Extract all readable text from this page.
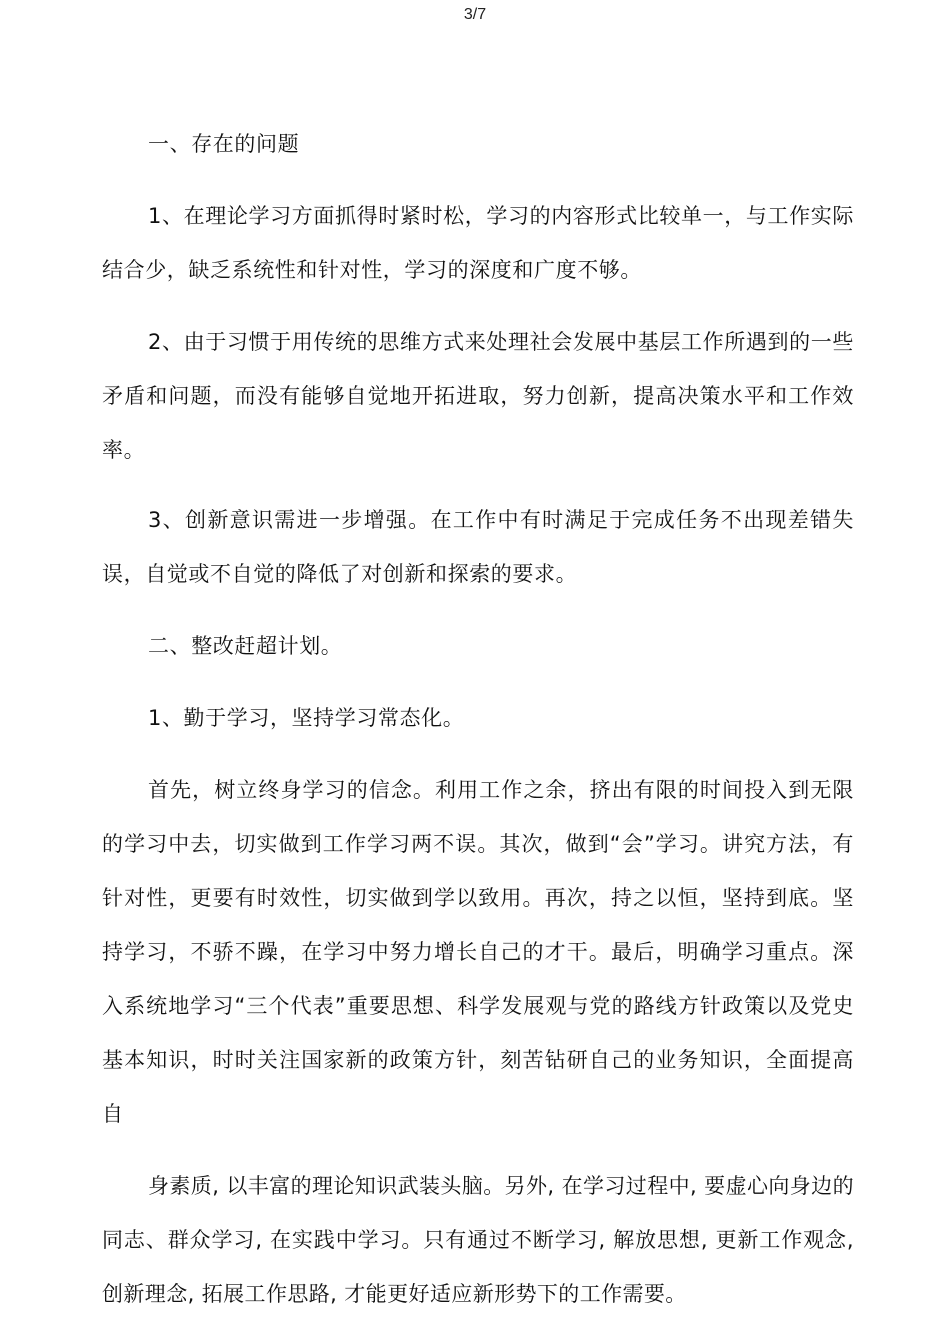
3/7

一、存在的问题

1、在理论学习方面抓得时紧时松，学习的内容形式比较单一，与工作实际结合少，缺乏系统性和针对性，学习的深度和广度不够。

2、由于习惯于用传统的思维方式来处理社会发展中基层工作所遇到的一些矛盾和问题，而没有能够自觉地开拓进取，努力创新，提高决策水平和工作效率。

3、创新意识需进一步增强。在工作中有时满足于完成任务不出现差错失误，自觉或不自觉的降低了对创新和探索的要求。

二、整改赶超计划。

1、勤于学习，坚持学习常态化。

首先，树立终身学习的信念。利用工作之余，挤出有限的时间投入到无限的学习中去，切实做到工作学习两不误。其次，做到“会”学习。讲究方法，有针对性，更要有时效性，切实做到学以致用。再次，持之以恒，坚持到底。坚持学习，不骄不躁，在学习中努力增长自己的才干。最后，明确学习重点。深入系统地学习“三个代表”重要思想、科学发展观与党的路线方针政策以及党史基本知识，时时关注国家新的政策方针，刻苦钻研自己的业务知识，全面提高自

身素质, 以丰富的理论知识武装头脑。另外, 在学习过程中, 要虚心向身边的同志、群众学习, 在实践中学习。只有通过不断学习, 解放思想, 更新工作观念, 创新理念, 拓展工作思路, 才能更好适应新形势下的工作需要。
